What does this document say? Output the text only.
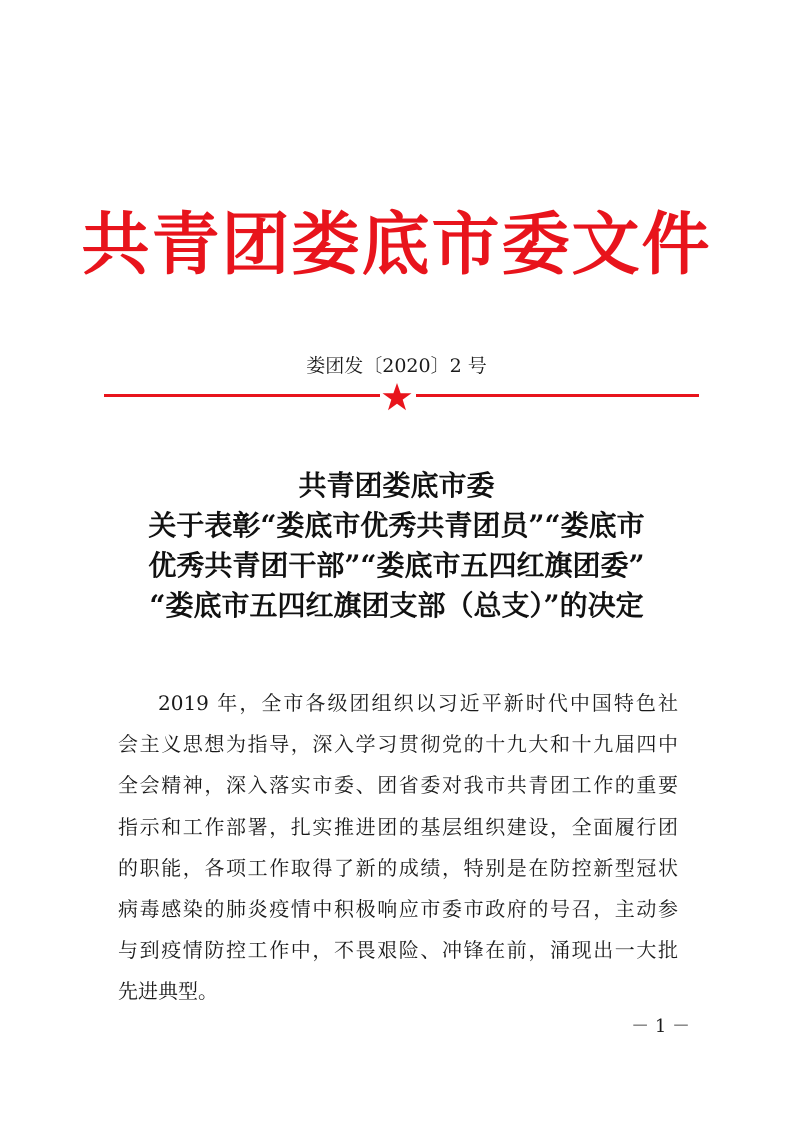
共青团娄底市委文件
娄团发〔2020〕2 号
共青团娄底市委
关于表彰“娄底市优秀共青团员”“娄底市
优秀共青团干部”“娄底市五四红旗团委”
“娄底市五四红旗团支部（总支）”的决定
2019 年，全市各级团组织以习近平新时代中国特色社
会主义思想为指导，深入学习贯彻党的十九大和十九届四中
全会精神，深入落实市委、团省委对我市共青团工作的重要
指示和工作部署，扎实推进团的基层组织建设，全面履行团
的职能，各项工作取得了新的成绩，特别是在防控新型冠状
病毒感染的肺炎疫情中积极响应市委市政府的号召，主动参
与到疫情防控工作中，不畏艰险、冲锋在前，涌现出一大批
先进典型。
－ 1 －
